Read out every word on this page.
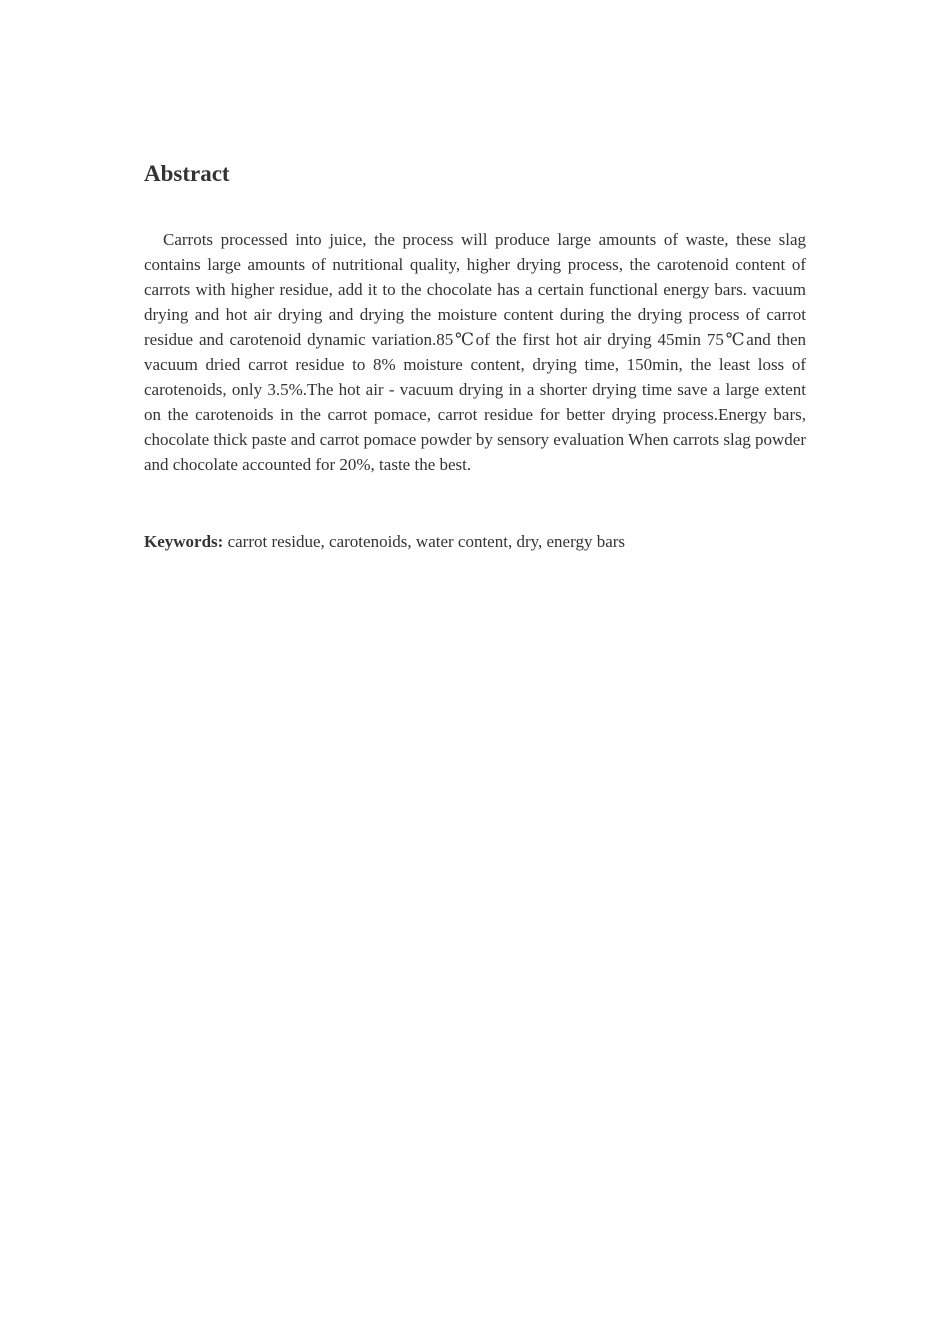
Abstract

Carrots processed into juice, the process will produce large amounts of waste, these slag contains large amounts of nutritional quality, higher drying process, the carotenoid content of carrots with higher residue, add it to the chocolate has a certain functional energy bars. vacuum drying and hot air drying and drying the moisture content during the drying process of carrot residue and carotenoid dynamic variation.85℃of the first hot air drying 45min 75℃and then vacuum dried carrot residue to 8% moisture content, drying time, 150min, the least loss of carotenoids, only 3.5%.The hot air - vacuum drying in a shorter drying time save a large extent on the carotenoids in the carrot pomace, carrot residue for better drying process.Energy bars, chocolate thick paste and carrot pomace powder by sensory evaluation When carrots slag powder and chocolate accounted for 20%, taste the best.

Keywords: carrot residue, carotenoids, water content, dry, energy bars
